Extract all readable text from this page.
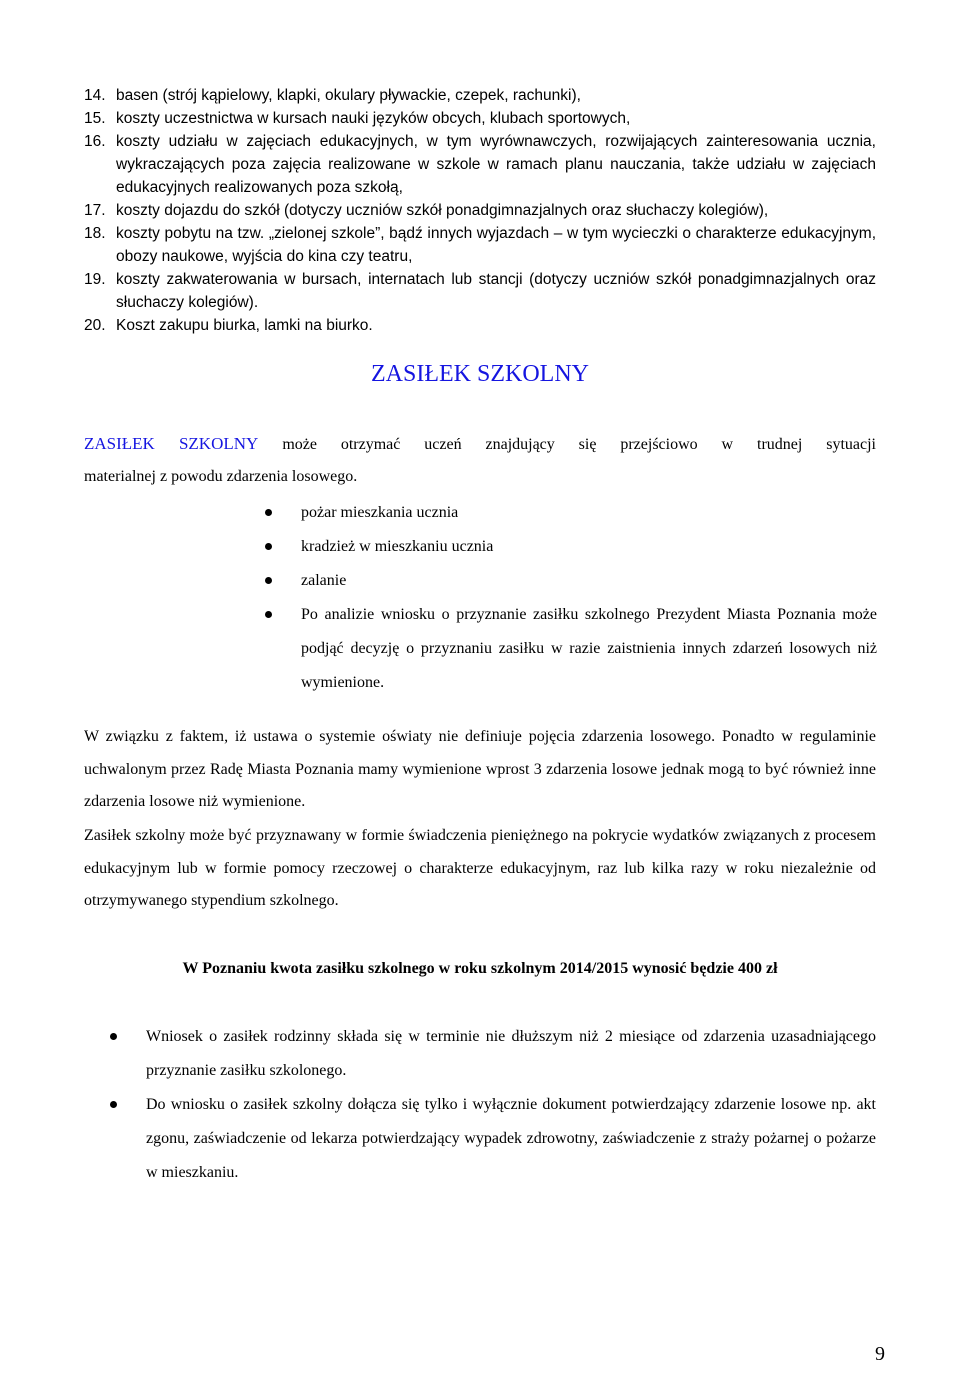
14. basen (strój kąpielowy, klapki, okulary pływackie, czepek, rachunki),
15. koszty uczestnictwa w kursach nauki języków obcych, klubach sportowych,
16. koszty udziału w zajęciach edukacyjnych, w tym wyrównawczych, rozwijających zainteresowania ucznia, wykraczających poza zajęcia realizowane w szkole w ramach planu nauczania, także udziału w zajęciach edukacyjnych realizowanych poza szkołą,
17. koszty dojazdu do szkół (dotyczy uczniów szkół ponadgimnazjalnych oraz słuchaczy kolegiów),
18. koszty pobytu na tzw. „zielonej szkole”, bądź innych wyjazdach – w tym wycieczki o charakterze edukacyjnym, obozy naukowe, wyjścia do kina czy teatru,
19. koszty zakwaterowania w bursach, internatach lub stancji (dotyczy uczniów szkół ponadgimnazjalnych oraz słuchaczy kolegiów).
20. Koszt zakupu biurka, lamki na biurko.
ZASIŁEK SZKOLNY
ZASIŁEK SZKOLNY może otrzymać uczeń znajdujący się przejściowo w trudnej sytuacji
materialnej z powodu zdarzenia losowego.
pożar mieszkania ucznia
kradzież w mieszkaniu ucznia
zalanie
Po analizie wniosku o przyznanie zasiłku szkolnego Prezydent Miasta Poznania może podjąć decyzję o przyznaniu zasiłku w razie zaistnienia innych zdarzeń losowych niż wymienione.
W związku z faktem, iż ustawa o systemie oświaty nie definiuje pojęcia zdarzenia losowego. Ponadto w regulaminie uchwalonym przez Radę Miasta Poznania mamy wymienione wprost 3 zdarzenia losowe jednak mogą to być również inne zdarzenia losowe niż wymienione.
Zasiłek szkolny może być przyznawany w formie świadczenia pieniężnego na pokrycie wydatków związanych z procesem edukacyjnym lub w formie pomocy rzeczowej o charakterze edukacyjnym, raz lub kilka razy w roku niezależnie od otrzymywanego stypendium szkolnego.
W Poznaniu kwota zasiłku szkolnego w roku szkolnym 2014/2015 wynosić będzie 400 zł
Wniosek o zasiłek rodzinny składa się w terminie nie dłuższym niż 2 miesiące od zdarzenia uzasadniającego przyznanie zasiłku szkolonego.
Do wniosku o zasiłek szkolny dołącza się tylko i wyłącznie dokument potwierdzający zdarzenie losowe np. akt zgonu, zaświadczenie od lekarza potwierdzający wypadek zdrowotny, zaświadczenie z straży pożarnej o pożarze w mieszkaniu.
9
